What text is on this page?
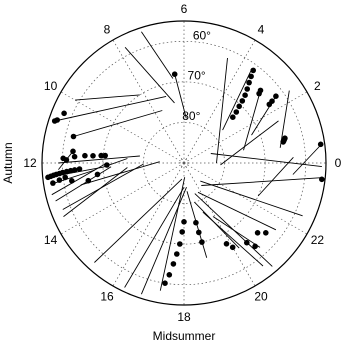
0
2
4
6
8
10
12
14
16
18
20
22
60°
70°
80°
Midsummer
Autumn
